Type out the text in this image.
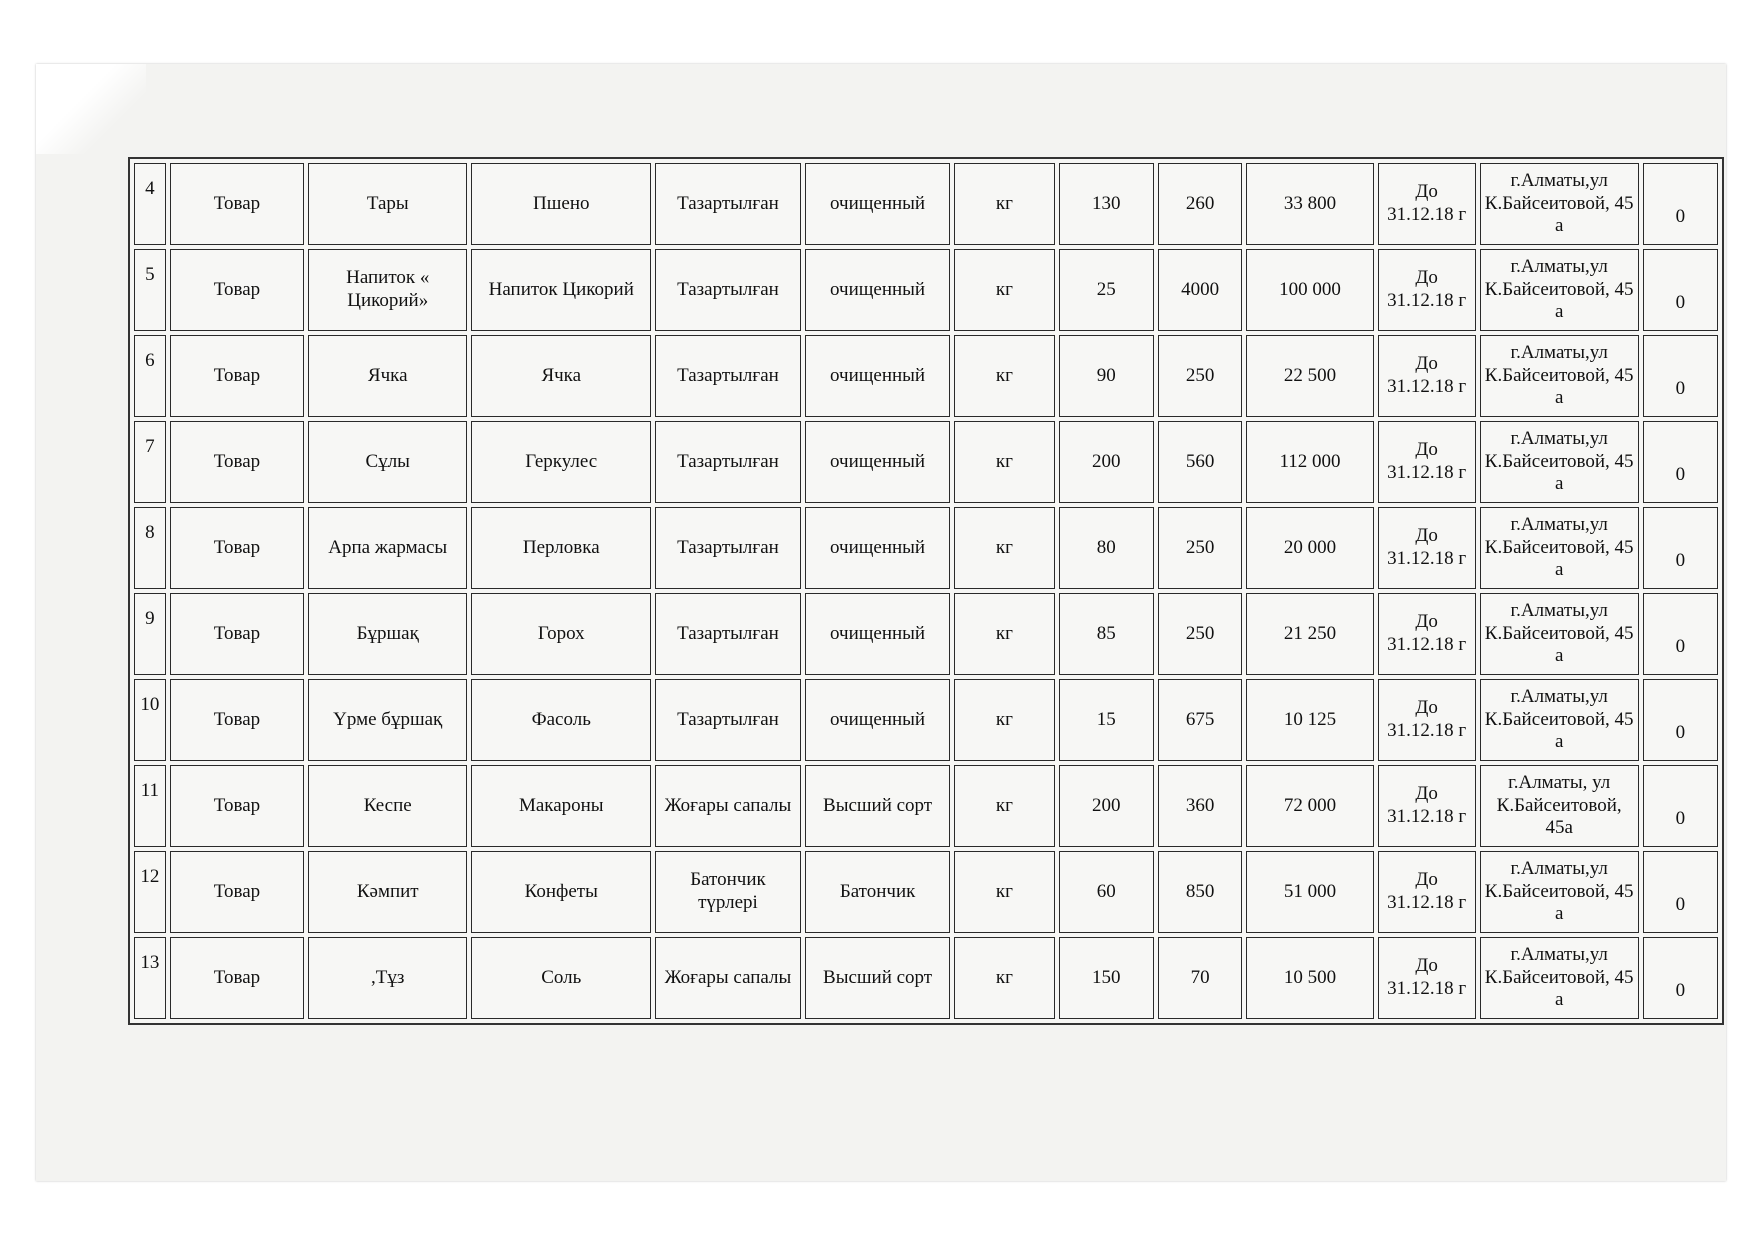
4	Товар	Тары	Пшено	Тазартылған	очищенный	кг	130	260	33 800	До 31.12.18 г	г.Алматы,ул К.Байсеитовой, 45 а	0
5	Товар	Напиток « Цикорий»	Напиток Цикорий	Тазартылған	очищенный	кг	25	4000	100 000	До 31.12.18 г	г.Алматы,ул К.Байсеитовой, 45 а	0
6	Товар	Ячка	Ячка	Тазартылған	очищенный	кг	90	250	22 500	До 31.12.18 г	г.Алматы,ул К.Байсеитовой, 45 а	0
7	Товар	Сұлы	Геркулес	Тазартылған	очищенный	кг	200	560	112 000	До 31.12.18 г	г.Алматы,ул К.Байсеитовой, 45 а	0
8	Товар	Арпа жармасы	Перловка	Тазартылған	очищенный	кг	80	250	20 000	До 31.12.18 г	г.Алматы,ул К.Байсеитовой, 45 а	0
9	Товар	Бұршақ	Горох	Тазартылған	очищенный	кг	85	250	21 250	До 31.12.18 г	г.Алматы,ул К.Байсеитовой, 45 а	0
10	Товар	Үрме бұршақ	Фасоль	Тазартылған	очищенный	кг	15	675	10 125	До 31.12.18 г	г.Алматы,ул К.Байсеитовой, 45 а	0
11	Товар	Кеспе	Макароны	Жоғары сапалы	Высший сорт	кг	200	360	72 000	До 31.12.18 г	г.Алматы, ул К.Байсеитовой, 45а	0
12	Товар	Кәмпит	Конфеты	Батончик түрлері	Батончик	кг	60	850	51 000	До 31.12.18 г	г.Алматы,ул К.Байсеитовой, 45 а	0
13	Товар	,Тұз	Соль	Жоғары сапалы	Высший сорт	кг	150	70	10 500	До 31.12.18 г	г.Алматы,ул К.Байсеитовой, 45 а	0
